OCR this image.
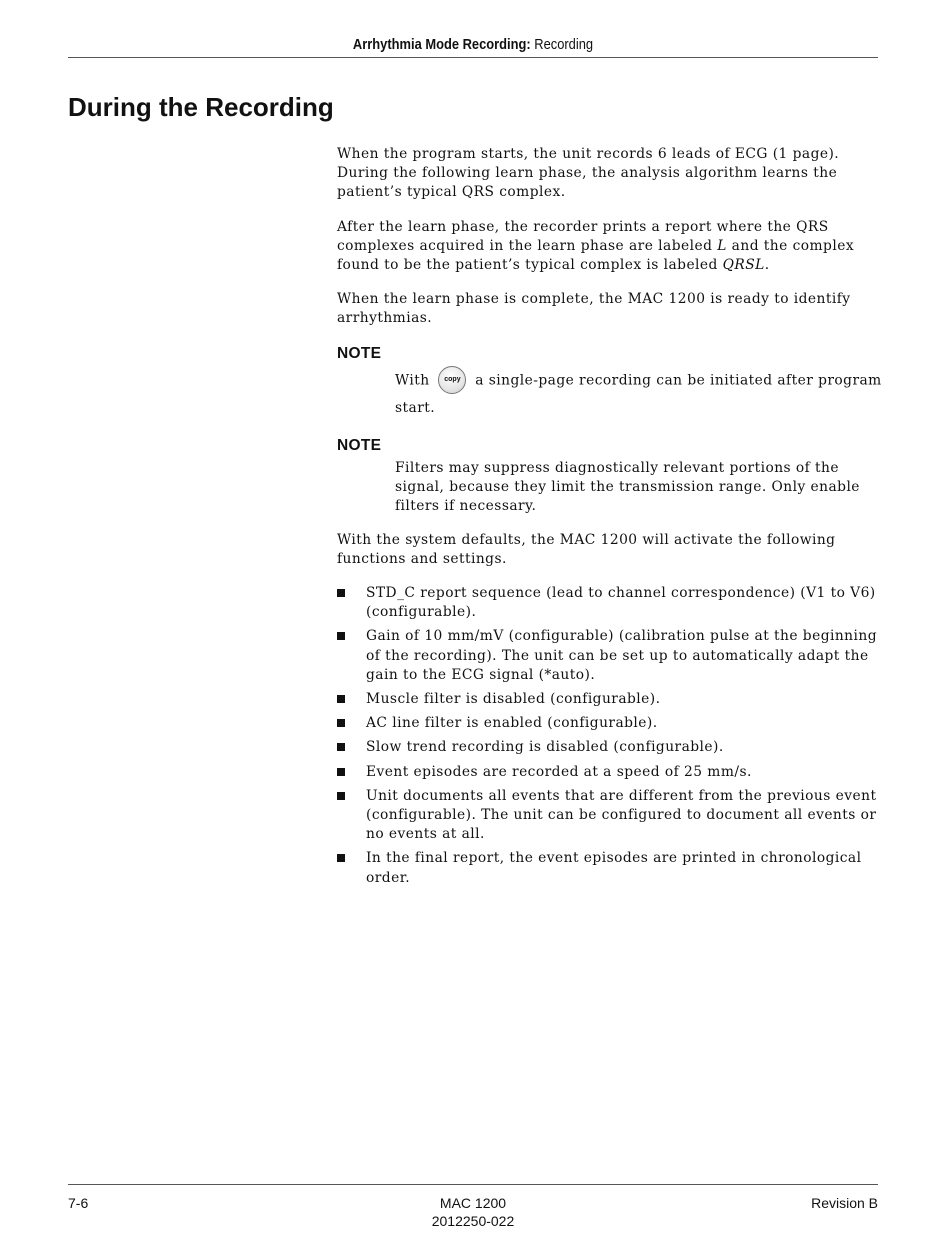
Arrhythmia Mode Recording: Recording
During the Recording

When the program starts, the unit records 6 leads of ECG (1 page). During the following learn phase, the analysis algorithm learns the patient’s typical QRS complex.

After the learn phase, the recorder prints a report where the QRS complexes acquired in the learn phase are labeled L and the complex found to be the patient’s typical complex is labeled QRSL.

When the learn phase is complete, the MAC 1200 is ready to identify arrhythmias.

NOTE
With copy a single-page recording can be initiated after program start.
NOTE
Filters may suppress diagnostically relevant portions of the signal, because they limit the transmission range. Only enable filters if necessary.

With the system defaults, the MAC 1200 will activate the following functions and settings.

STD_C report sequence (lead to channel correspondence) (V1 to V6) (configurable).
Gain of 10 mm/mV (configurable) (calibration pulse at the beginning of the recording). The unit can be set up to automatically adapt the gain to the ECG signal (*auto).
Muscle filter is disabled (configurable).
AC line filter is enabled (configurable).
Slow trend recording is disabled (configurable).
Event episodes are recorded at a speed of 25 mm/s.
Unit documents all events that are different from the previous event (configurable). The unit can be configured to document all events or no events at all.
In the final report, the event episodes are printed in chronological order.
7-6	MAC 1200
2012250-022
Revision B
